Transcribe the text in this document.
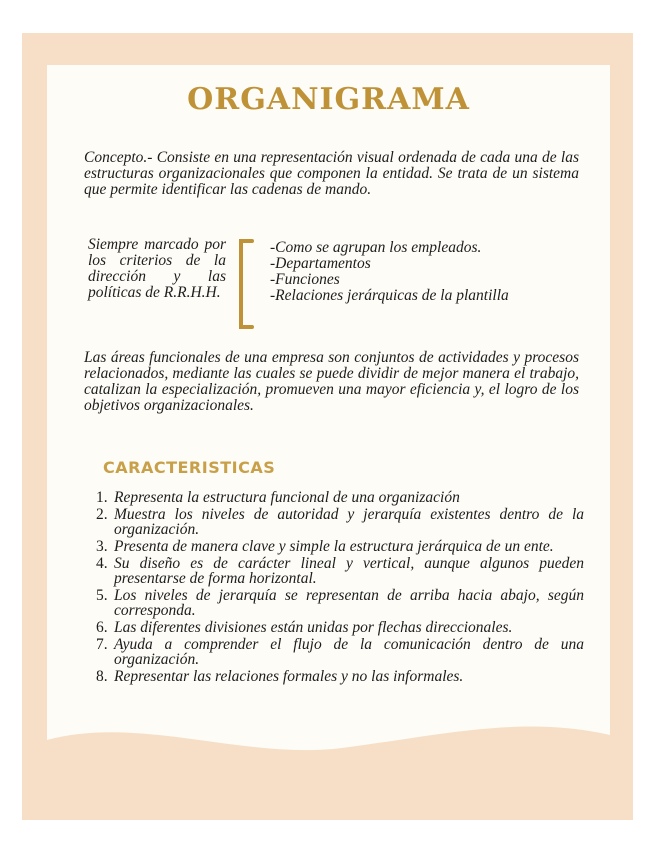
ORGANIGRAMA

Concepto.- Consiste en una representación visual ordenada de cada una de las estructuras organizacionales que componen la entidad. Se trata de un sistema que permite identificar las cadenas de mando.

Siempre marcado por los criterios de la dirección y las políticas de R.R.H.H.

-Como se agrupan los empleados.
-Departamentos
-Funciones
-Relaciones jerárquicas de la plantilla

Las áreas funcionales de una empresa son conjuntos de actividades y procesos relacionados, mediante las cuales se puede dividir de mejor manera el trabajo, catalizan la especialización, promueven una mayor eficiencia y, el logro de los objetivos organizacionales.

CARACTERISTICAS
1. Representa la estructura funcional de una organización
2. Muestra los niveles de autoridad y jerarquía existentes dentro de la organización.
3. Presenta de manera clave y simple la estructura jerárquica de un ente.
4. Su diseño es de carácter lineal y vertical, aunque algunos pueden presentarse de forma horizontal.
5. Los niveles de jerarquía se representan de arriba hacia abajo, según corresponda.
6. Las diferentes divisiones están unidas por flechas direccionales.
7. Ayuda a comprender el flujo de la comunicación dentro de una organización.
8. Representar las relaciones formales y no las informales.
